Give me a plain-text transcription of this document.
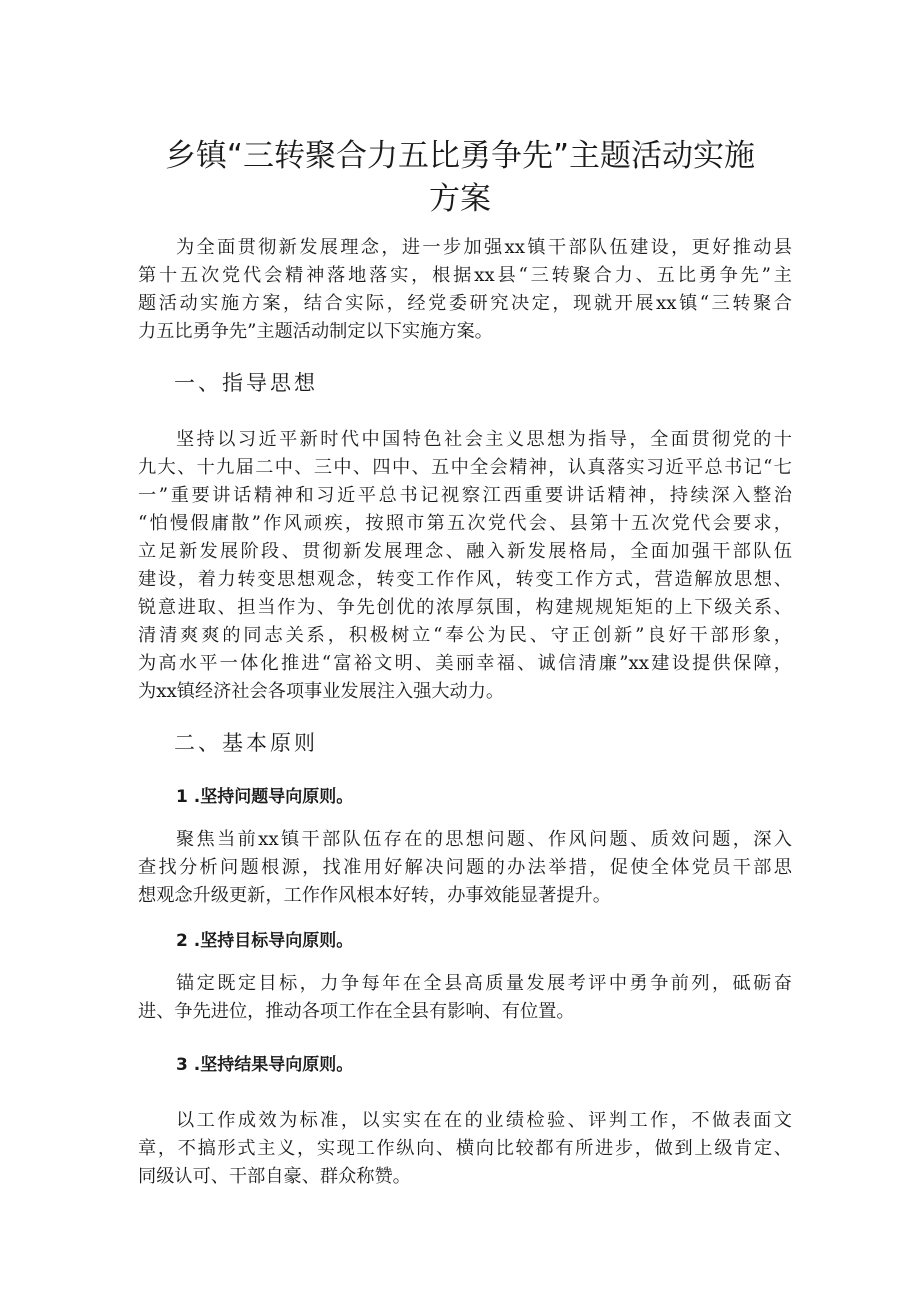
乡镇“三转聚合力五比勇争先”主题活动实施
方案
为全面贯彻新发展理念，进一步加强xx镇干部队伍建设，更好推动县
第十五次党代会精神落地落实，根据xx县“三转聚合力、五比勇争先”主
题活动实施方案，结合实际，经党委研究决定，现就开展xx镇“三转聚合
力五比勇争先”主题活动制定以下实施方案。
一、指导思想
坚持以习近平新时代中国特色社会主义思想为指导，全面贯彻党的十
九大、十九届二中、三中、四中、五中全会精神，认真落实习近平总书记“七
一”重要讲话精神和习近平总书记视察江西重要讲话精神，持续深入整治
“怕慢假庸散”作风顽疾，按照市第五次党代会、县第十五次党代会要求，
立足新发展阶段、贯彻新发展理念、融入新发展格局，全面加强干部队伍
建设，着力转变思想观念，转变工作作风，转变工作方式，营造解放思想、
锐意进取、担当作为、争先创优的浓厚氛围，构建规规矩矩的上下级关系、
清清爽爽的同志关系，积极树立“奉公为民、守正创新”良好干部形象，
为高水平一体化推进“富裕文明、美丽幸福、诚信清廉”xx建设提供保障，
为xx镇经济社会各项事业发展注入强大动力。
二、基本原则
1 .坚持问题导向原则。
聚焦当前xx镇干部队伍存在的思想问题、作风问题、质效问题，深入
查找分析问题根源，找准用好解决问题的办法举措，促使全体党员干部思
想观念升级更新，工作作风根本好转，办事效能显著提升。
2 .坚持目标导向原则。
锚定既定目标，力争每年在全县高质量发展考评中勇争前列，砥砺奋
进、争先进位，推动各项工作在全县有影响、有位置。
3 .坚持结果导向原则。
以工作成效为标准，以实实在在的业绩检验、评判工作，不做表面文
章，不搞形式主义，实现工作纵向、横向比较都有所进步，做到上级肯定、
同级认可、干部自豪、群众称赞。
